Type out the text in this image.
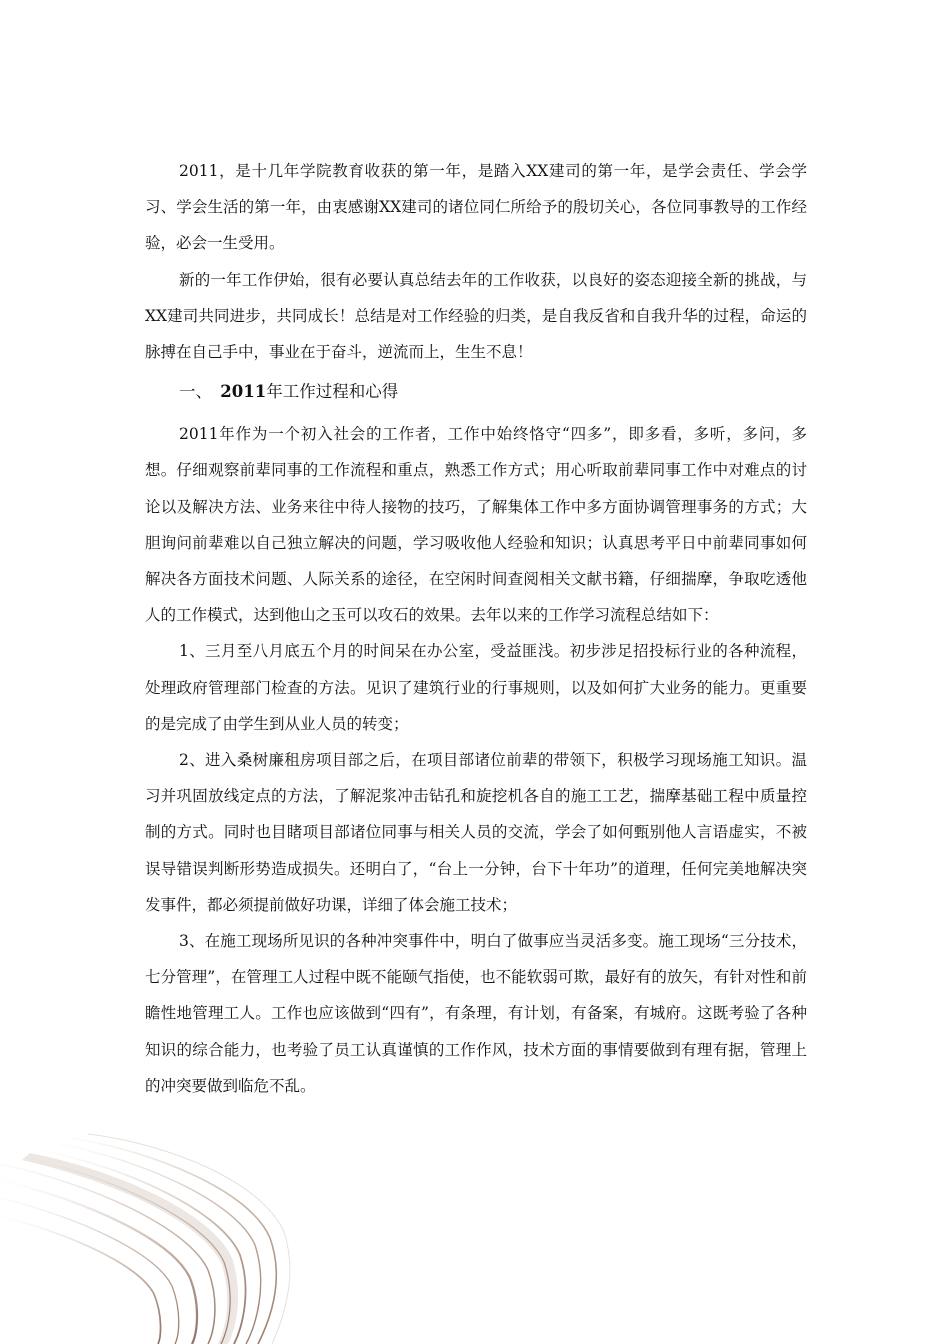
2011，是十几年学院教育收获的第一年，是踏入XX建司的第一年，是学会责任、学会学习、学会生活的第一年，由衷感谢XX建司的诸位同仁所给予的殷切关心，各位同事教导的工作经验，必会一生受用。

新的一年工作伊始，很有必要认真总结去年的工作收获，以良好的姿态迎接全新的挑战，与XX建司共同进步，共同成长！总结是对工作经验的归类，是自我反省和自我升华的过程，命运的脉搏在自己手中，事业在于奋斗，逆流而上，生生不息！

一、  2011年工作过程和心得

2011年作为一个初入社会的工作者，工作中始终恪守“四多”，即多看，多听，多问，多想。仔细观察前辈同事的工作流程和重点，熟悉工作方式；用心听取前辈同事工作中对难点的讨论以及解决方法、业务来往中待人接物的技巧，了解集体工作中多方面协调管理事务的方式；大胆询问前辈难以自己独立解决的问题，学习吸收他人经验和知识；认真思考平日中前辈同事如何解决各方面技术问题、人际关系的途径，在空闲时间查阅相关文献书籍，仔细揣摩，争取吃透他人的工作模式，达到他山之玉可以攻石的效果。去年以来的工作学习流程总结如下：

1、三月至八月底五个月的时间呆在办公室，受益匪浅。初步涉足招投标行业的各种流程，处理政府管理部门检查的方法。见识了建筑行业的行事规则，以及如何扩大业务的能力。更重要的是完成了由学生到从业人员的转变；

2、进入桑树廉租房项目部之后，在项目部诸位前辈的带领下，积极学习现场施工知识。温习并巩固放线定点的方法，了解泥浆冲击钻孔和旋挖机各自的施工工艺，揣摩基础工程中质量控制的方式。同时也目睹项目部诸位同事与相关人员的交流，学会了如何甄别他人言语虚实，不被误导错误判断形势造成损失。还明白了，“台上一分钟，台下十年功”的道理，任何完美地解决突发事件，都必须提前做好功课，详细了体会施工技术；

3、在施工现场所见识的各种冲突事件中，明白了做事应当灵活多变。施工现场“三分技术，七分管理”，在管理工人过程中既不能颐气指使，也不能软弱可欺，最好有的放矢，有针对性和前瞻性地管理工人。工作也应该做到“四有”，有条理，有计划，有备案，有城府。这既考验了各种知识的综合能力，也考验了员工认真谨慎的工作作风，技术方面的事情要做到有理有据，管理上的冲突要做到临危不乱。
